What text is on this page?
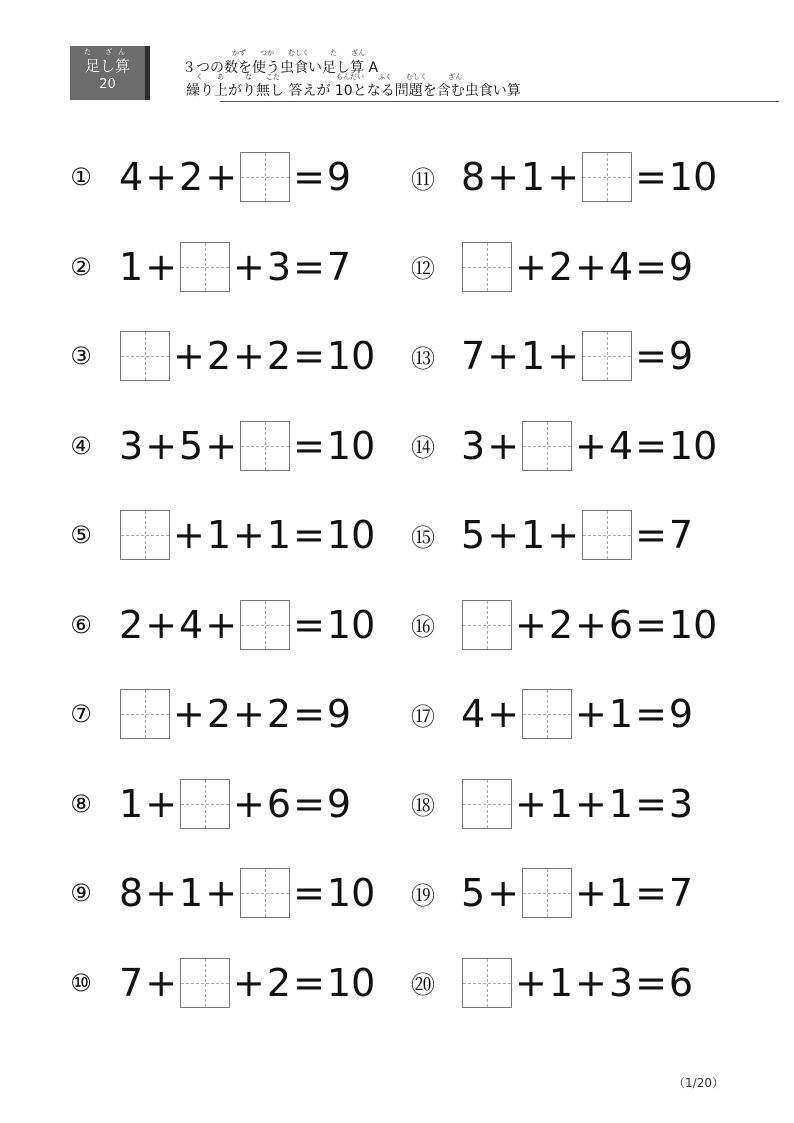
た ざん
足し算
20
かず　　つか　　むしく　　　た　　ざん
３つの数を使う虫食い足し算 A
く　　あ　　　な　　こた　　　　　　　　もんだい　　ふく　　むしく　　　ざん
繰り上がり無し 答えが 10となる問題を含む虫食い算
① 4 + 2 + = 9
② 1 + + 3 = 7
③ + 2 + 2 = 10
④ 3 + 5 + = 10
⑤ + 1 + 1 = 10
⑥ 2 + 4 + = 10
⑦ + 2 + 2 = 9
⑧ 1 + + 6 = 9
⑨ 8 + 1 + = 10
⑩ 7 + + 2 = 10
⑪ 8 + 1 + = 10
⑫ + 2 + 4 = 9
⑬ 7 + 1 + = 9
⑭ 3 + + 4 = 10
⑮ 5 + 1 + = 7
⑯ + 2 + 6 = 10
⑰ 4 + + 1 = 9
⑱ + 1 + 1 = 3
⑲ 5 + + 1 = 7
⑳ + 1 + 3 = 6
（1/20）
